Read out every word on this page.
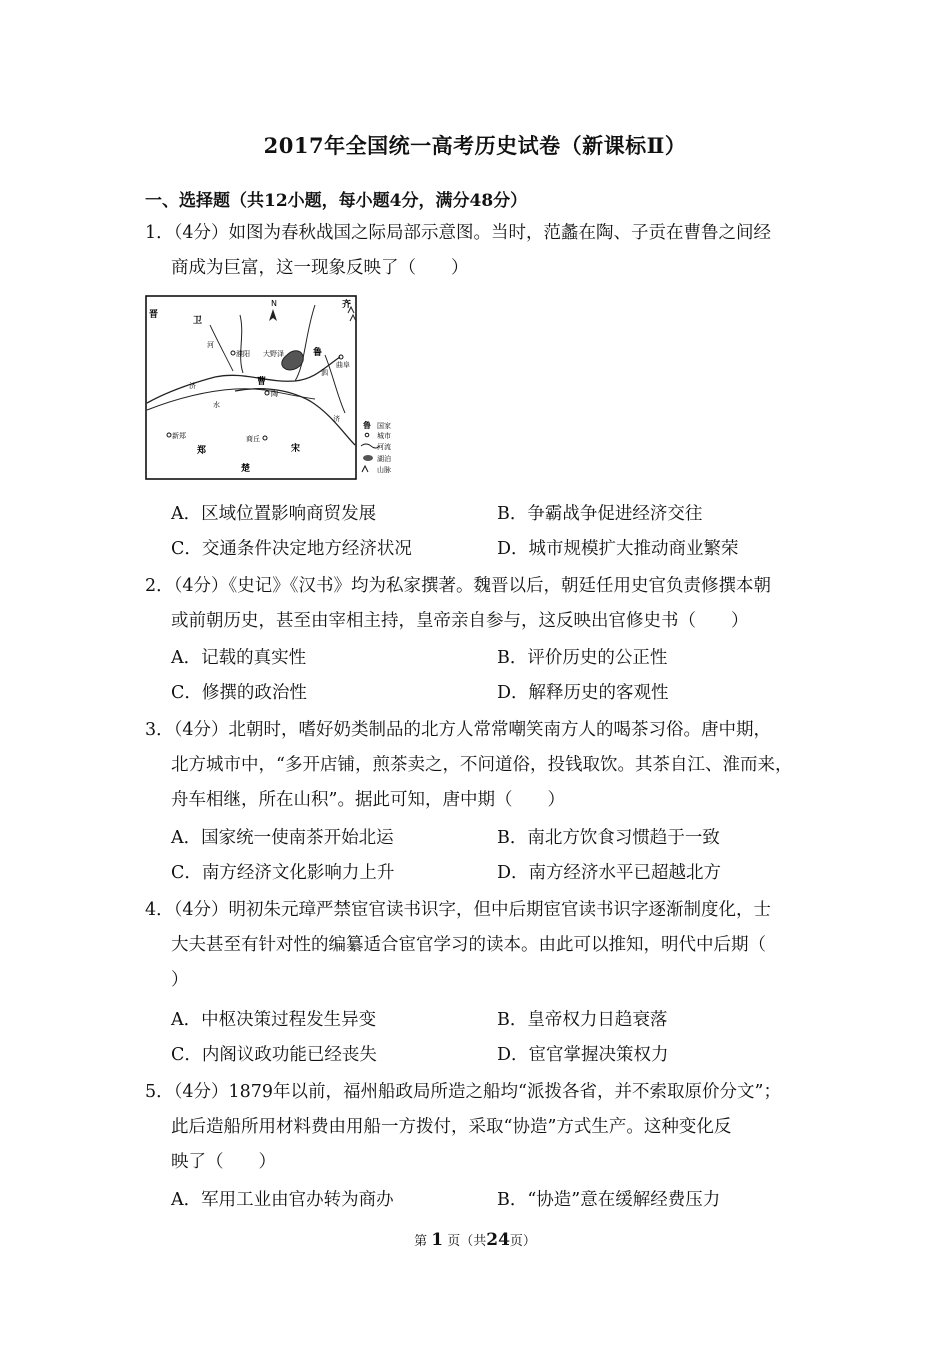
2017年全国统一高考历史试卷（新课标Ⅱ）
一、选择题（共12小题，每小题4分，满分48分）
1．（4分）如图为春秋战国之际局部示意图。当时，范蠡在陶、子贡在曹鲁之间经
商成为巨富，这一现象反映了（　　）
N
晋
卫
齐
鲁
曹
郑	宋
楚
濮阳
曲阜
陶
新郑	商丘
大野泽
河
济
水
泗
济
鲁 国家
城市
河流
湖泊
山脉
A．区域位置影响商贸发展	B．争霸战争促进经济交往
C．交通条件决定地方经济状况	D．城市规模扩大推动商业繁荣
2．（4分）《史记》《汉书》均为私家撰著。魏晋以后，朝廷任用史官负责修撰本朝
或前朝历史，甚至由宰相主持，皇帝亲自参与，这反映出官修史书（　　）
A．记载的真实性	B．评价历史的公正性
C．修撰的政治性	D．解释历史的客观性
3．（4分）北朝时，嗜好奶类制品的北方人常常嘲笑南方人的喝茶习俗。唐中期，
北方城市中，“多开店铺，煎茶卖之，不问道俗，投钱取饮。其茶自江、淮而来，
舟车相继，所在山积”。据此可知，唐中期（　　）
A．国家统一使南茶开始北运	B．南北方饮食习惯趋于一致
C．南方经济文化影响力上升	D．南方经济水平已超越北方
4．（4分）明初朱元璋严禁宦官读书识字，但中后期宦官读书识字逐渐制度化，士
大夫甚至有针对性的编纂适合宦官学习的读本。由此可以推知，明代中后期（
）
A．中枢决策过程发生异变	B．皇帝权力日趋衰落
C．内阁议政功能已经丧失	D．宦官掌握决策权力
5．（4分）1879年以前，福州船政局所造之船均“派拨各省，并不索取原价分文”；
此后造船所用材料费由用船一方拨付，采取“协造”方式生产。这种变化反
映了（　　）
A．军用工业由官办转为商办	B．“协造”意在缓解经费压力
第 1 页（共24页）
